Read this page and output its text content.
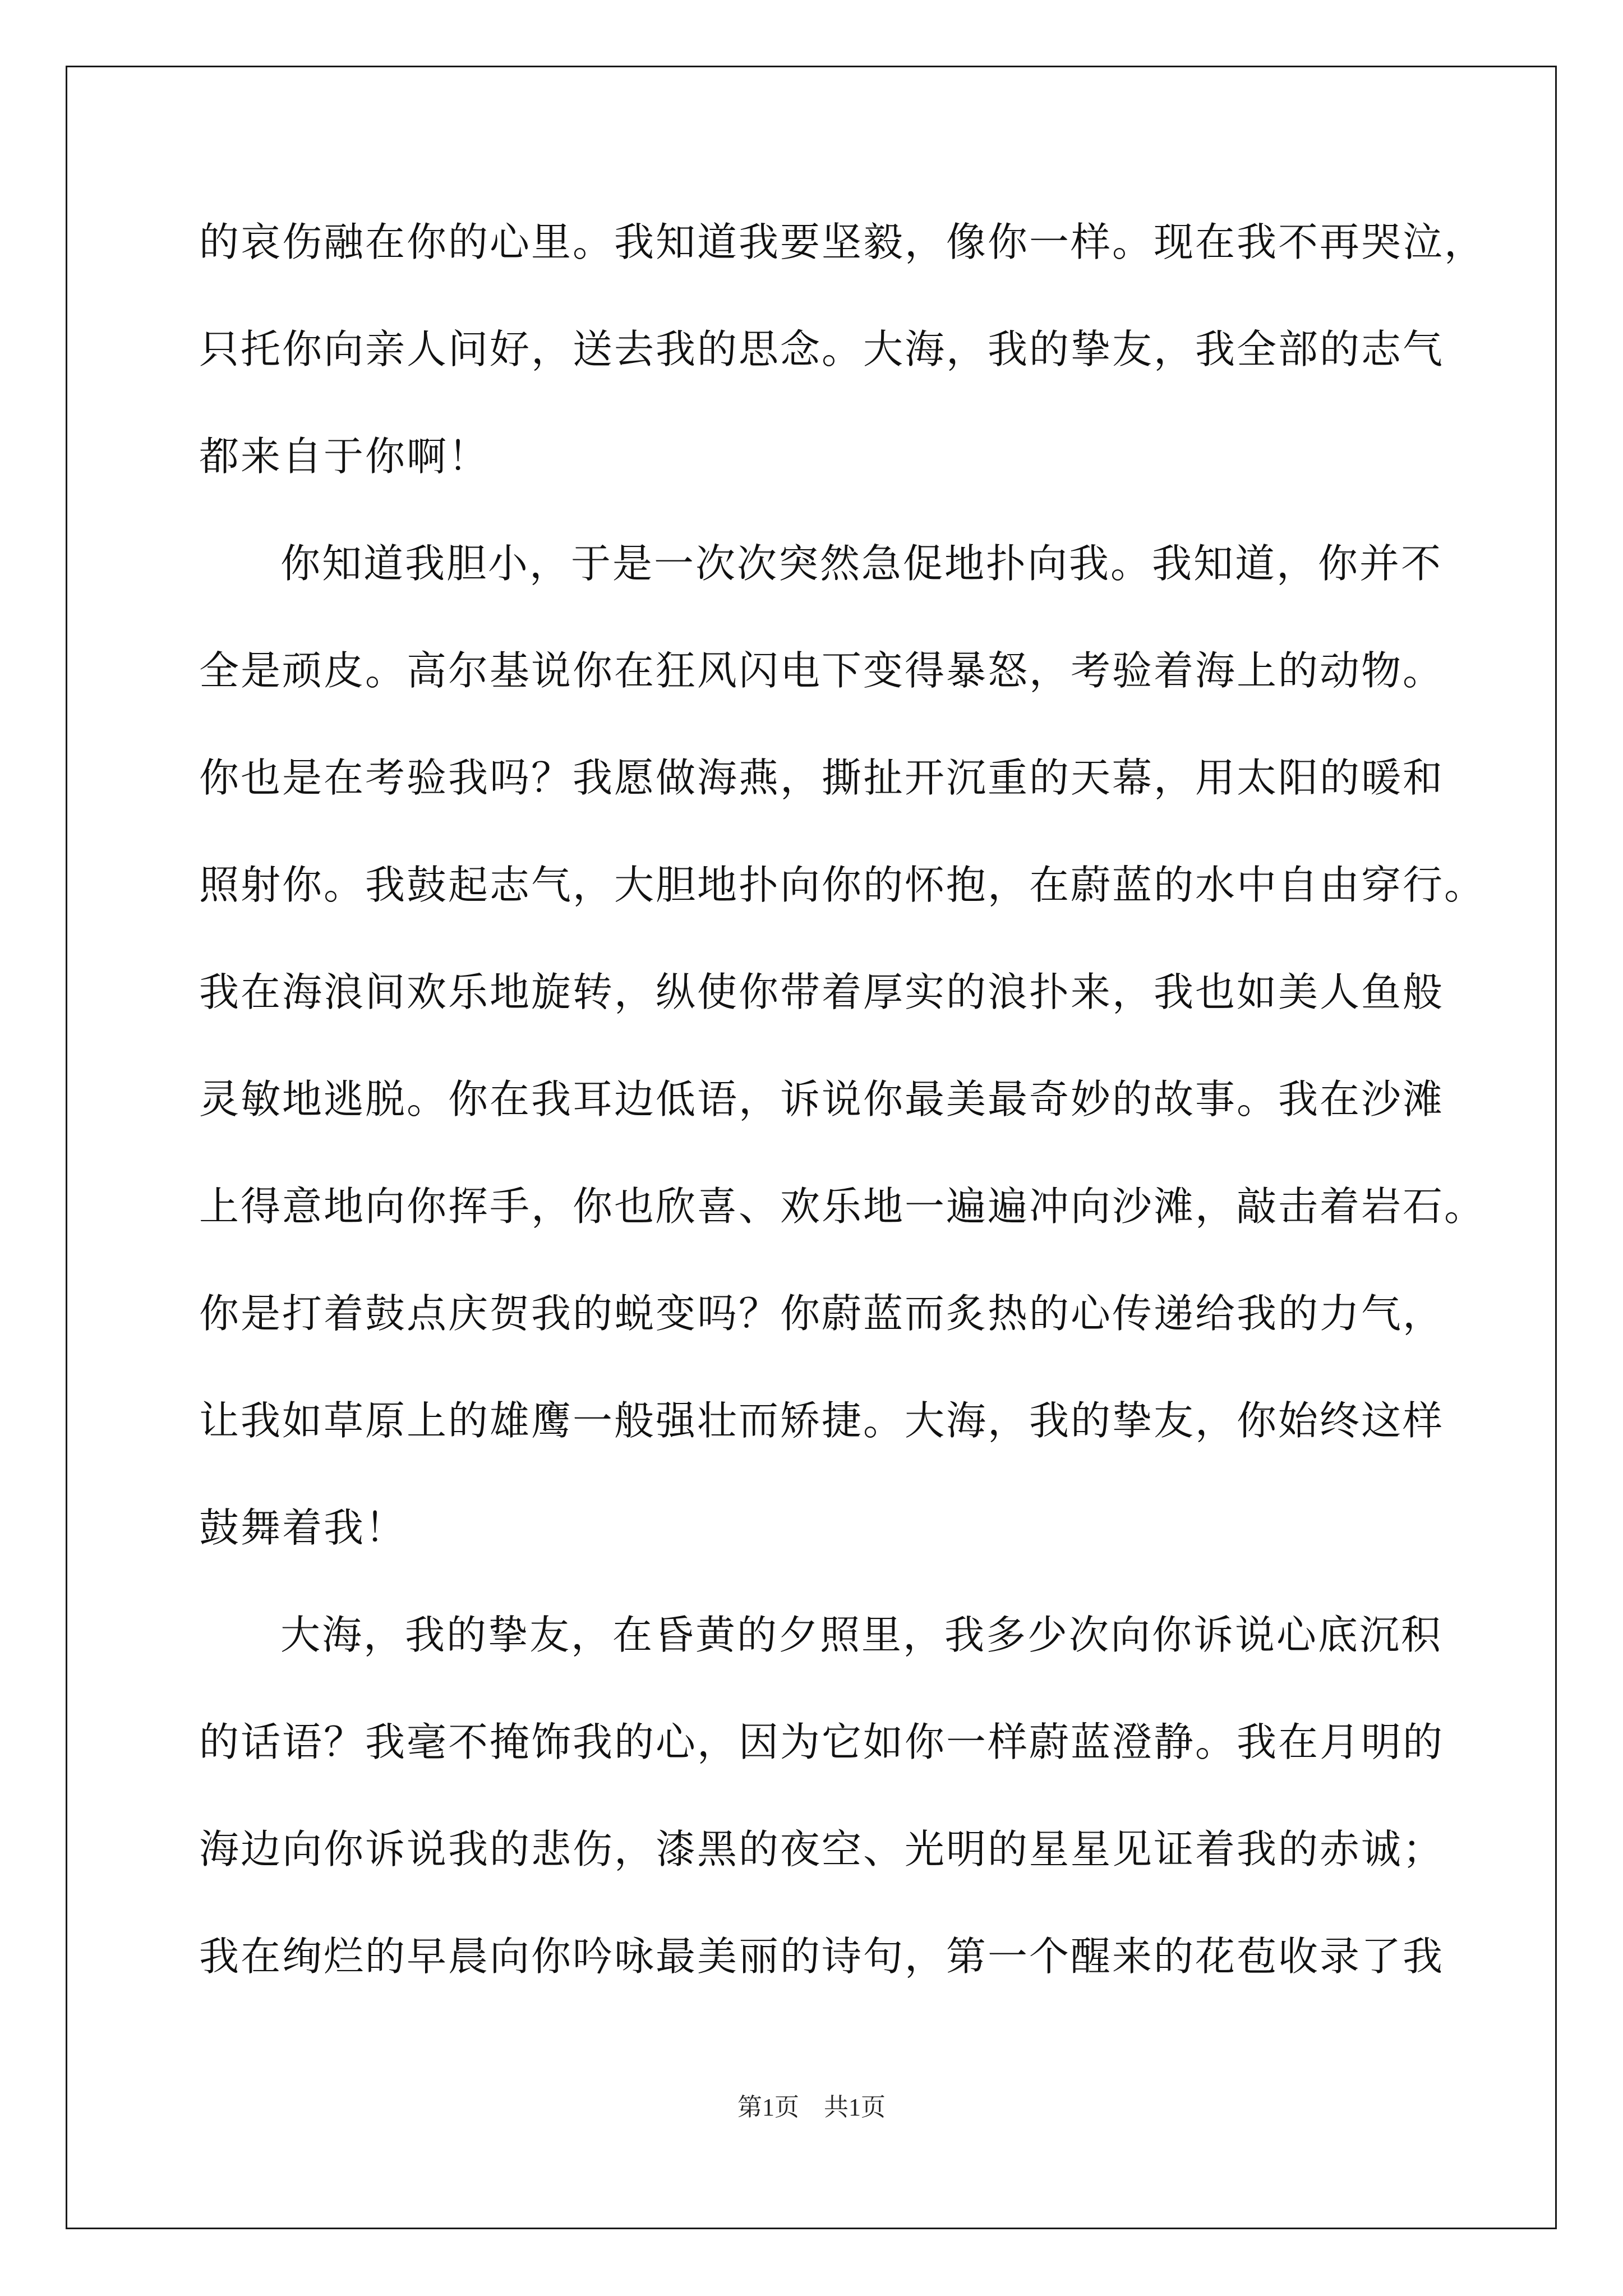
的哀伤融在你的心里。我知道我要坚毅，像你一样。现在我不再哭泣，
只托你向亲人问好，送去我的思念。大海，我的挚友，我全部的志气
都来自于你啊！
你知道我胆小，于是一次次突然急促地扑向我。我知道，你并不
全是顽皮。高尔基说你在狂风闪电下变得暴怒，考验着海上的动物。
你也是在考验我吗？我愿做海燕，撕扯开沉重的天幕，用太阳的暖和
照射你。我鼓起志气，大胆地扑向你的怀抱，在蔚蓝的水中自由穿行。
我在海浪间欢乐地旋转，纵使你带着厚实的浪扑来，我也如美人鱼般
灵敏地逃脱。你在我耳边低语，诉说你最美最奇妙的故事。我在沙滩
上得意地向你挥手，你也欣喜、欢乐地一遍遍冲向沙滩，敲击着岩石。
你是打着鼓点庆贺我的蜕变吗？你蔚蓝而炙热的心传递给我的力气，
让我如草原上的雄鹰一般强壮而矫捷。大海，我的挚友，你始终这样
鼓舞着我！
大海，我的挚友，在昏黄的夕照里，我多少次向你诉说心底沉积
的话语？我毫不掩饰我的心，因为它如你一样蔚蓝澄静。我在月明的
海边向你诉说我的悲伤，漆黑的夜空、光明的星星见证着我的赤诚；
我在绚烂的早晨向你吟咏最美丽的诗句，第一个醒来的花苞收录了我
第1页 共1页
